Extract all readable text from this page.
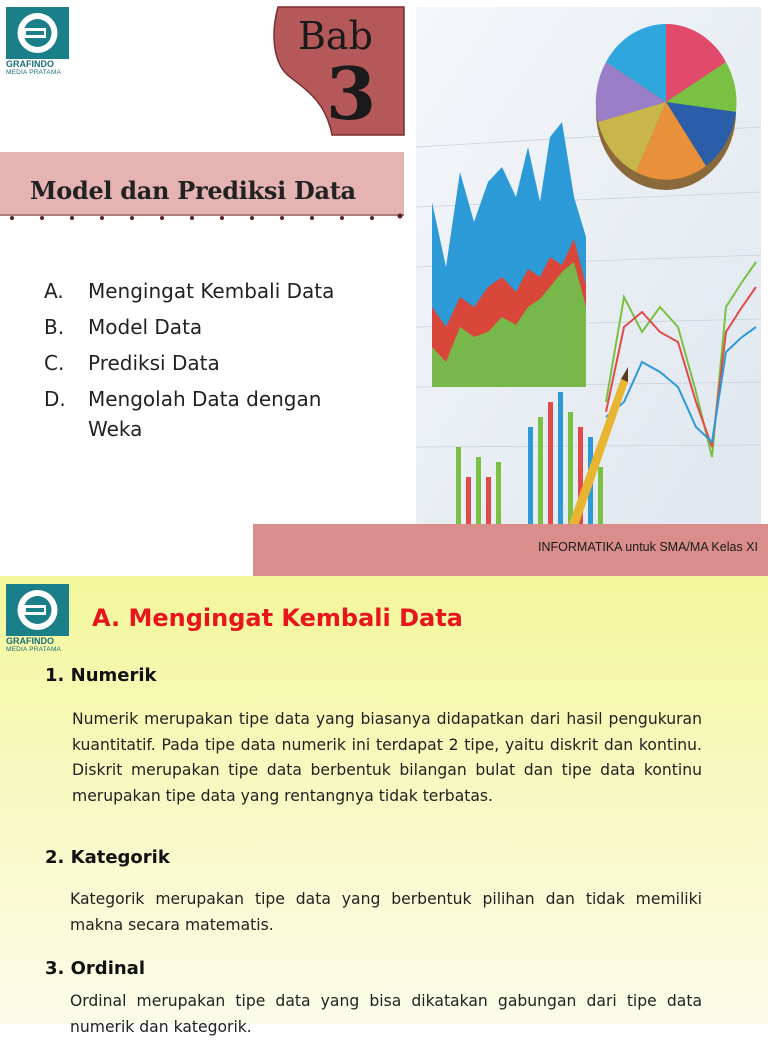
GRAFINDO
MEDIA PRATAMA
Bab
3
Model dan Prediksi Data
A.	Mengingat Kembali Data
B.	Model Data
C.	Prediksi Data
D.	Mengolah Data dengan Weka
INFORMATIKA untuk SMA/MA Kelas XI
GRAFINDO
MEDIA PRATAMA
A. Mengingat Kembali Data
1. Numerik
Numerik merupakan tipe data yang biasanya didapatkan dari hasil pengukuran kuantitatif. Pada tipe data numerik ini terdapat 2 tipe, yaitu diskrit dan kontinu. Diskrit merupakan tipe data berbentuk bilangan bulat dan tipe data kontinu merupakan tipe data yang rentangnya tidak terbatas.
2. Kategorik
Kategorik merupakan tipe data yang berbentuk pilihan dan tidak memiliki makna secara matematis.
3. Ordinal
Ordinal merupakan tipe data yang bisa dikatakan gabungan dari tipe data numerik dan kategorik.
